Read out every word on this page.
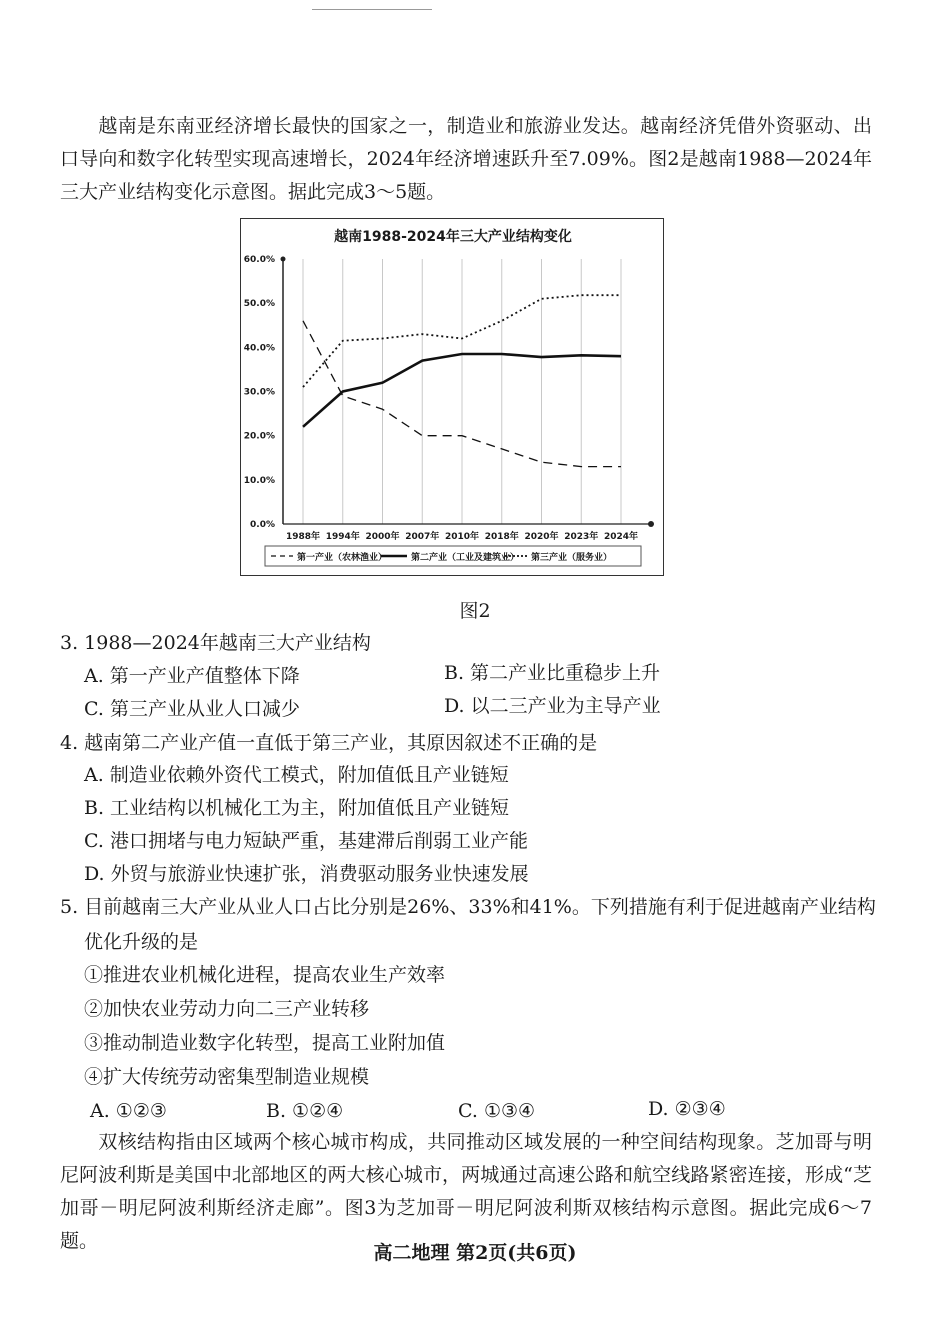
越南是东南亚经济增长最快的国家之一，制造业和旅游业发达。越南经济凭借外资驱动、出口导向和数字化转型实现高速增长，2024年经济增速跃升至7.09%。图2是越南1988—2024年三大产业结构变化示意图。据此完成3～5题。

越南1988-2024年三大产业结构变化
0.0%
10.0%
20.0%
30.0%
40.0%
50.0%
60.0%
1988年 1994年 2000年 2007年 2010年 2018年 2020年 2023年 2024年
第一产业（农林渔业）	第二产业（工业及建筑业） 第三产业（服务业）
图2
3. 1988—2024年越南三大产业结构
A. 第一产业产值整体下降	B. 第二产业比重稳步上升
C. 第三产业从业人口减少	D. 以二三产业为主导产业
4. 越南第二产业产值一直低于第三产业，其原因叙述不正确的是
A. 制造业依赖外资代工模式，附加值低且产业链短
B. 工业结构以机械化工为主，附加值低且产业链短
C. 港口拥堵与电力短缺严重，基建滞后削弱工业产能
D. 外贸与旅游业快速扩张，消费驱动服务业快速发展
5. 目前越南三大产业从业人口占比分别是26%、33%和41%。下列措施有利于促进越南产业结构
优化升级的是
①推进农业机械化进程，提高农业生产效率
②加快农业劳动力向二三产业转移
③推动制造业数字化转型，提高工业附加值
④扩大传统劳动密集型制造业规模
A. ①②③	B. ①②④	C. ①③④	D. ②③④

双核结构指由区域两个核心城市构成，共同推动区域发展的一种空间结构现象。芝加哥与明尼阿波利斯是美国中北部地区的两大核心城市，两城通过高速公路和航空线路紧密连接，形成“芝加哥－明尼阿波利斯经济走廊”。图3为芝加哥－明尼阿波利斯双核结构示意图。据此完成6～7题。

高二地理 第2页(共6页)
